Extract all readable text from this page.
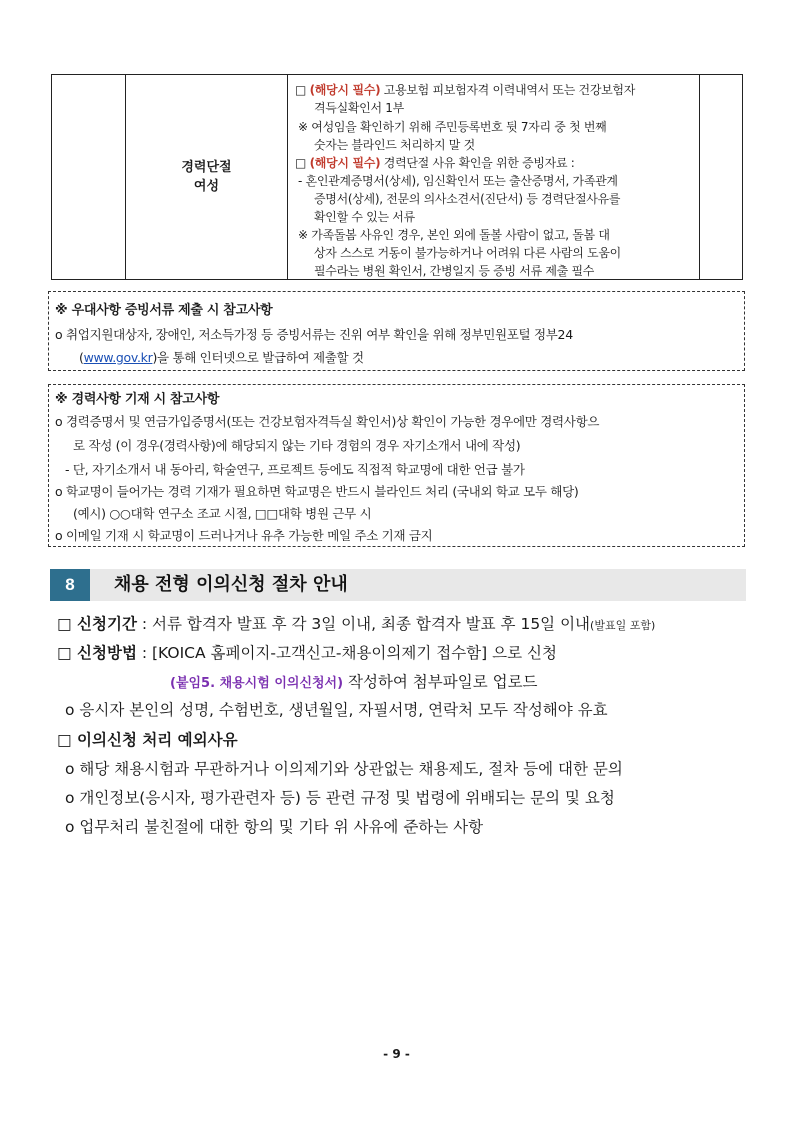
경력단절
여성
□ (해당시 필수) 고용보험 피보험자격 이력내역서 또는 건강보험자
격득실확인서 1부
※ 여성임을 확인하기 위해 주민등록번호 뒷 7자리 중 첫 번째
숫자는 블라인드 처리하지 말 것
□ (해당시 필수) 경력단절 사유 확인을 위한 증빙자료 :
- 혼인관계증명서(상세), 임신확인서 또는 출산증명서, 가족관계
증명서(상세), 전문의 의사소견서(진단서) 등 경력단절사유를
확인할 수 있는 서류
※ 가족돌봄 사유인 경우, 본인 외에 돌볼 사람이 없고, 돌봄 대
상자 스스로 거동이 불가능하거나 어려워 다른 사람의 도움이
필수라는 병원 확인서, 간병일지 등 증빙 서류 제출 필수
※ 우대사항 증빙서류 제출 시 참고사항
o 취업지원대상자, 장애인, 저소득가정 등 증빙서류는 진위 여부 확인을 위해 정부민원포털 정부24
(www.gov.kr)을 통해 인터넷으로 발급하여 제출할 것
※ 경력사항 기재 시 참고사항
o 경력증명서 및 연금가입증명서(또는 건강보험자격득실 확인서)상 확인이 가능한 경우에만 경력사항으
로 작성 (이 경우(경력사항)에 해당되지 않는 기타 경험의 경우 자기소개서 내에 작성)
- 단, 자기소개서 내 동아리, 학술연구, 프로젝트 등에도 직접적 학교명에 대한 언급 불가
o 학교명이 들어가는 경력 기재가 필요하면 학교명은 반드시 블라인드 처리 (국내외 학교 모두 해당)
(예시) ○○대학 연구소 조교 시절, □□대학 병원 근무 시
o 이메일 기재 시 학교명이 드러나거나 유추 가능한 메일 주소 기재 금지
8	채용 전형 이의신청 절차 안내
□ 신청기간 : 서류 합격자 발표 후 각 3일 이내, 최종 합격자 발표 후 15일 이내(발표일 포함)
□ 신청방법 : [KOICA 홈페이지-고객신고-채용이의제기 접수함] 으로 신청
(붙임5. 채용시험 이의신청서) 작성하여 첨부파일로 업로드
o 응시자 본인의 성명, 수험번호, 생년월일, 자필서명, 연락처 모두 작성해야 유효
□ 이의신청 처리 예외사유
o 해당 채용시험과 무관하거나 이의제기와 상관없는 채용제도, 절차 등에 대한 문의
o 개인정보(응시자, 평가관련자 등) 등 관련 규정 및 법령에 위배되는 문의 및 요청
o 업무처리 불친절에 대한 항의 및 기타 위 사유에 준하는 사항
- 9 -
